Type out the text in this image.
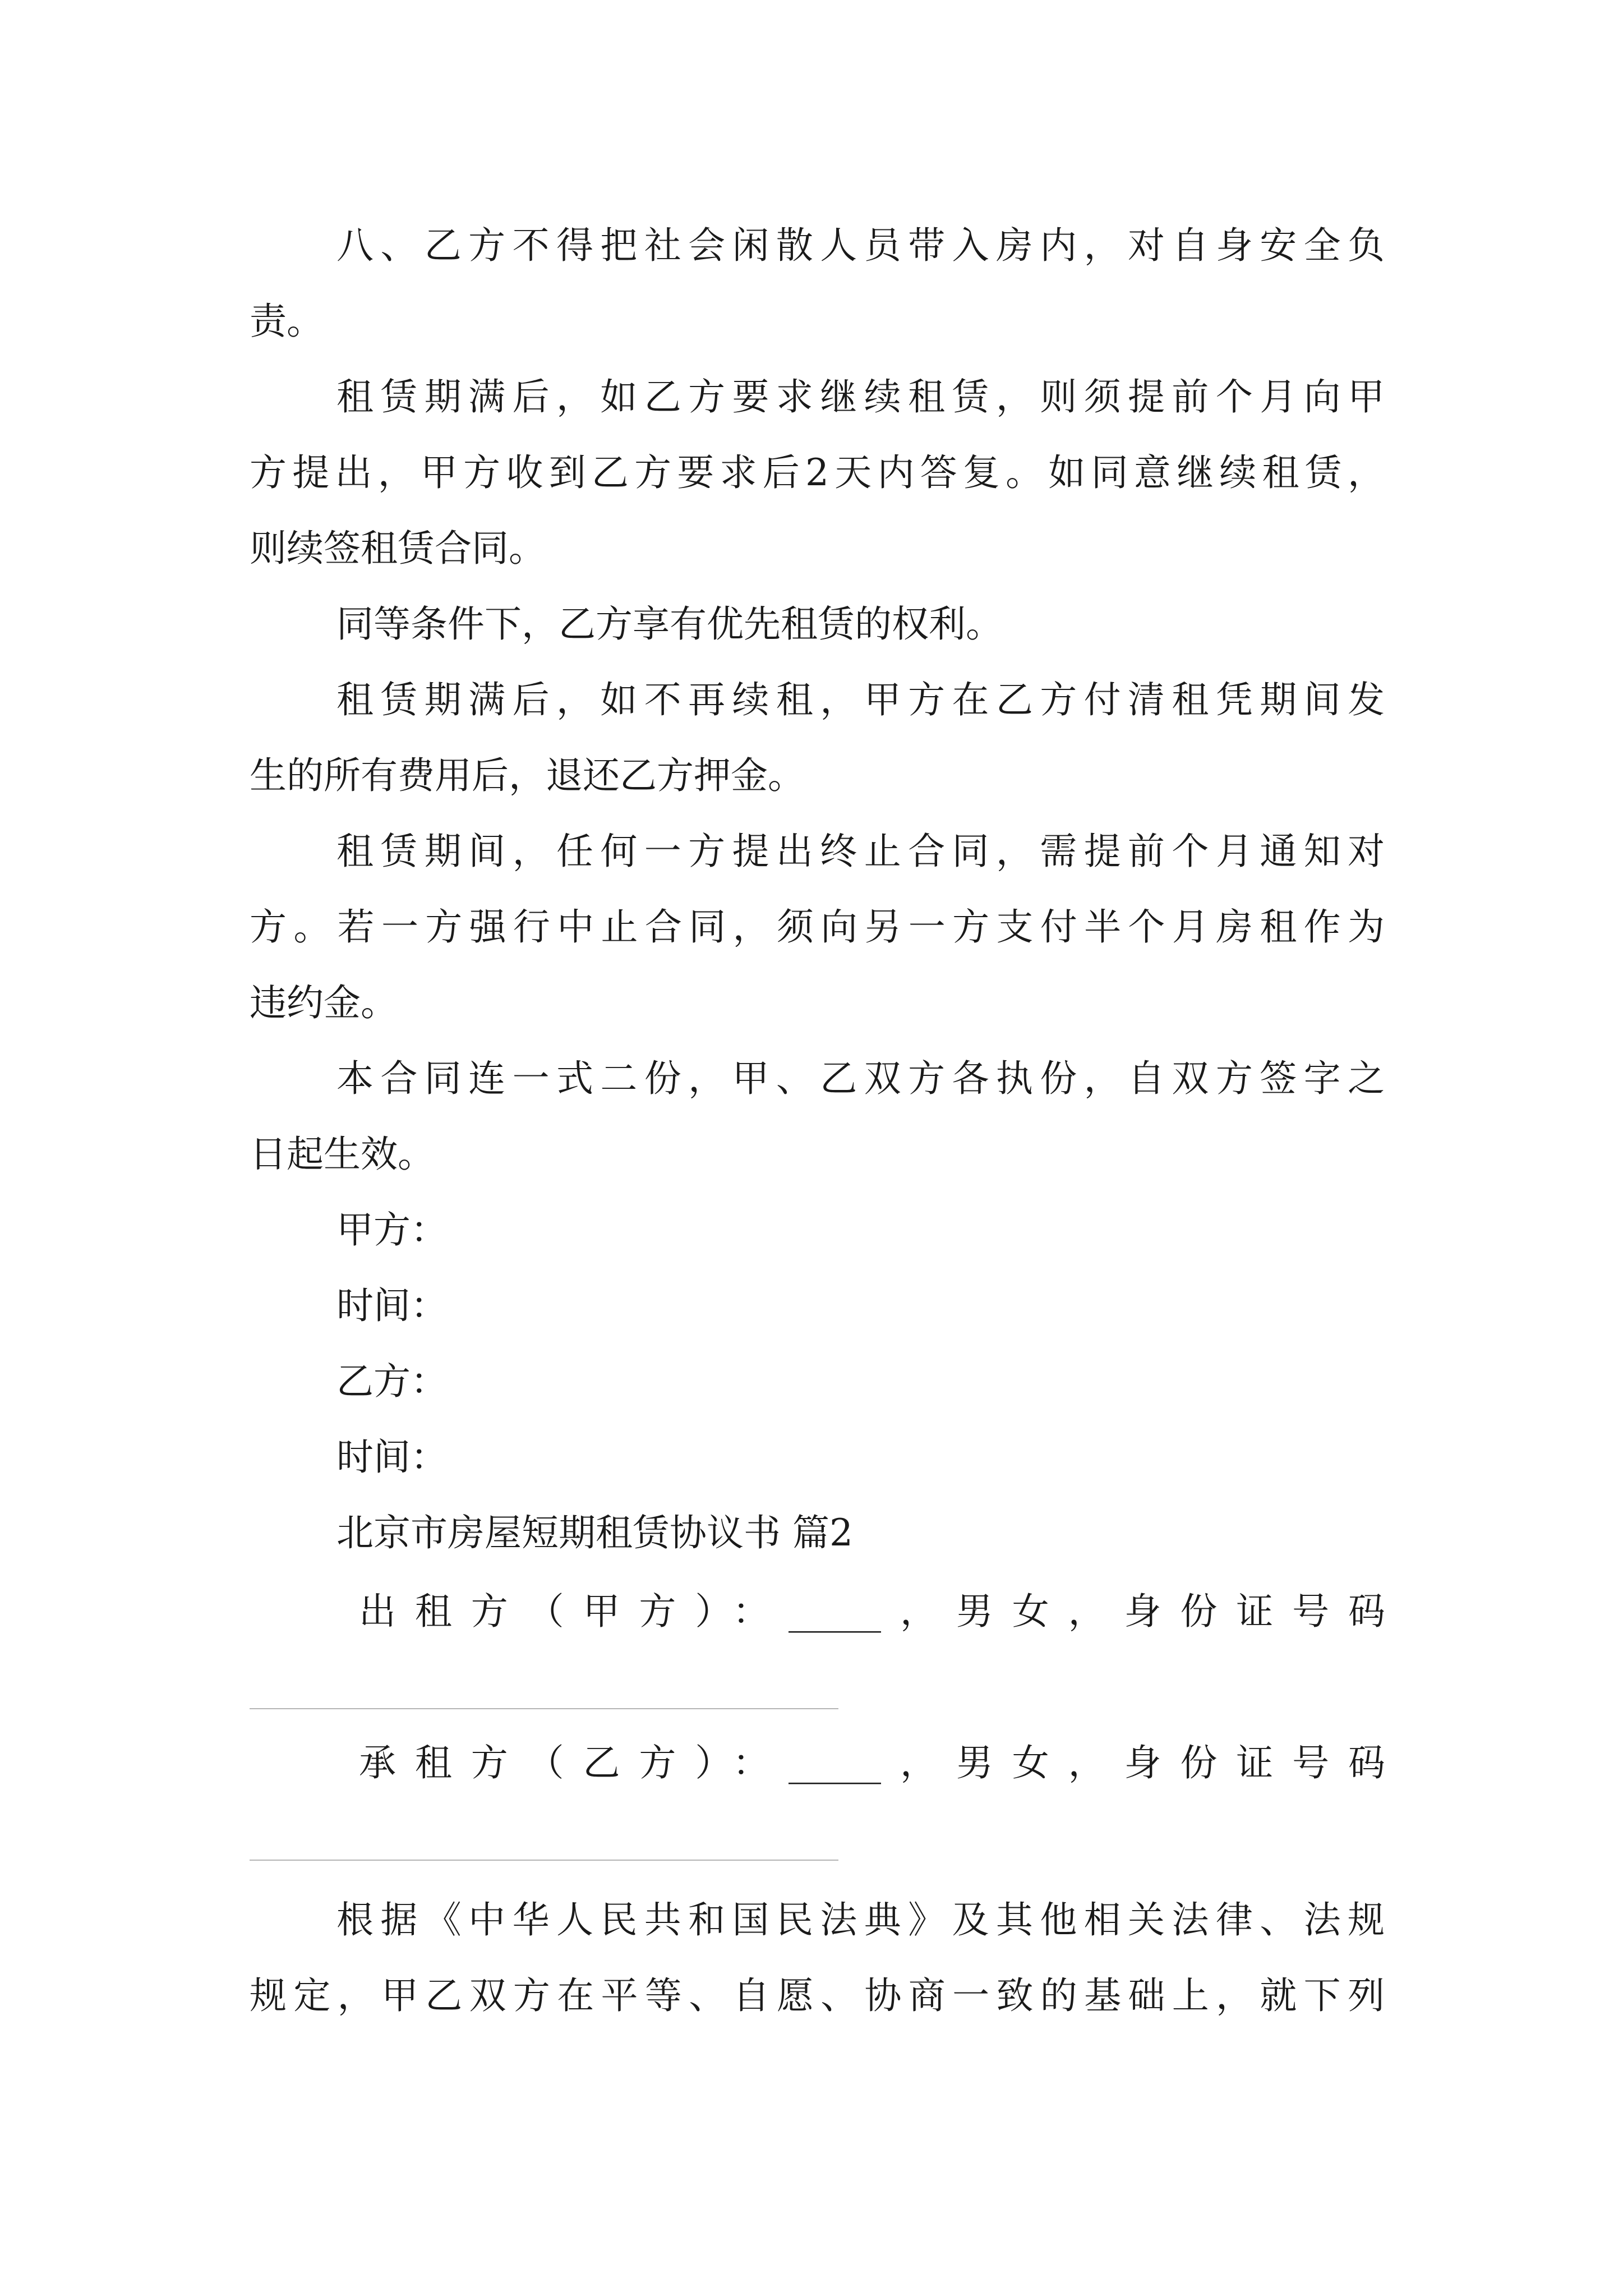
八、乙方不得把社会闲散人员带入房内，对自身安全负
责。
租赁期满后，如乙方要求继续租赁，则须提前个月向甲
方提出，甲方收到乙方要求后2天内答复。如同意继续租赁，
则续签租赁合同。
同等条件下，乙方享有优先租赁的权利。
租赁期满后，如不再续租，甲方在乙方付清租凭期间发
生的所有费用后，退还乙方押金。
租赁期间，任何一方提出终止合同，需提前个月通知对
方。若一方强行中止合同，须向另一方支付半个月房租作为
违约金。
本合同连一式二份，甲、乙双方各执份，自双方签字之
日起生效。
甲方：
时间：
乙方：
时间：
北京市房屋短期租赁协议书 篇2
出租方（甲方）：_____，男女，身份证号码
承租方（乙方）：_____，男女，身份证号码
根据《中华人民共和国民法典》及其他相关法律、法规
规定，甲乙双方在平等、自愿、协商一致的基础上，就下列
